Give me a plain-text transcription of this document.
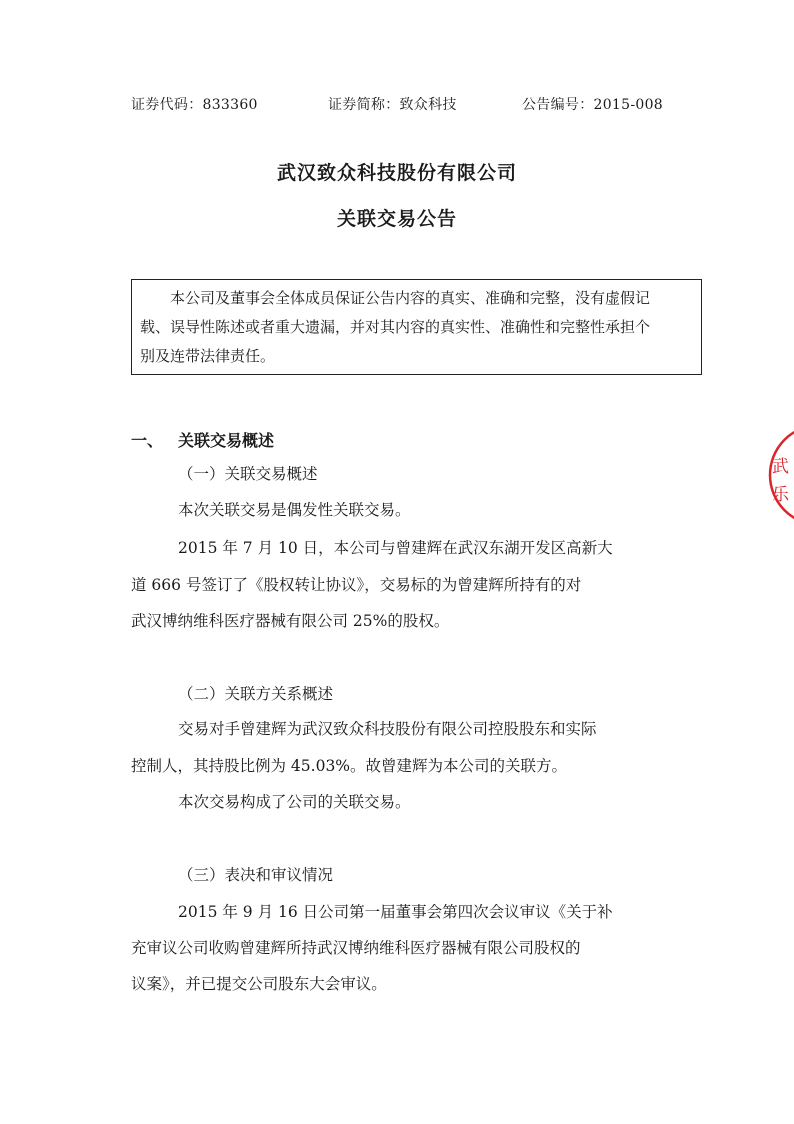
证券代码：833360	证券简称：致众科技	公告编号：2015-008
武汉致众科技股份有限公司
关联交易公告
本公司及董事会全体成员保证公告内容的真实、准确和完整，没有虚假记
载、误导性陈述或者重大遗漏，并对其内容的真实性、准确性和完整性承担个
别及连带法律责任。
一、 关联交易概述
（一）关联交易概述
本次关联交易是偶发性关联交易。
2015 年 7 月 10 日，本公司与曾建辉在武汉东湖开发区高新大
道 666 号签订了《股权转让协议》，交易标的为曾建辉所持有的对
武汉博纳维科医疗器械有限公司 25%的股权。
（二）关联方关系概述
交易对手曾建辉为武汉致众科技股份有限公司控股股东和实际
控制人，其持股比例为 45.03%。故曾建辉为本公司的关联方。
本次交易构成了公司的关联交易。
（三）表决和审议情况
2015 年 9 月 16 日公司第一届董事会第四次会议审议《关于补
充审议公司收购曾建辉所持武汉博纳维科医疗器械有限公司股权的
议案》，并已提交公司股东大会审议。
武
乐
